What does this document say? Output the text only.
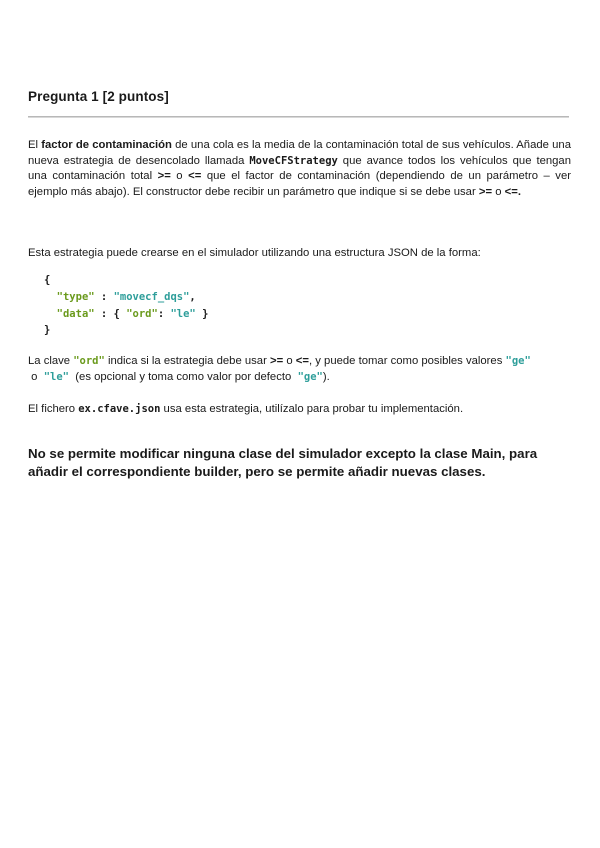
Pregunta 1 [2 puntos]
El factor de contaminación de una cola es la media de la contaminación total de sus vehículos. Añade una nueva estrategia de desencolado llamada MoveCFStrategy que avance todos los vehículos que tengan una contaminación total >= o <= que el factor de contaminación (dependiendo de un parámetro – ver ejemplo más abajo). El constructor debe recibir un parámetro que indique si se debe usar >= o <=.
Esta estrategia puede crearse en el simulador utilizando una estructura JSON de la forma:
{
"type" : "movecf_dqs",
"data" : { "ord": "le" }
}
La clave "ord" indica si la estrategia debe usar >= o <=, y puede tomar como posibles valores "ge" o  "le"  (es opcional y toma como valor por defecto  "ge").
El fichero ex.cfave.json usa esta estrategia, utilízalo para probar tu implementación.
No se permite modificar ninguna clase del simulador excepto la clase Main, para añadir el correspondiente builder, pero se permite añadir nuevas clases.
